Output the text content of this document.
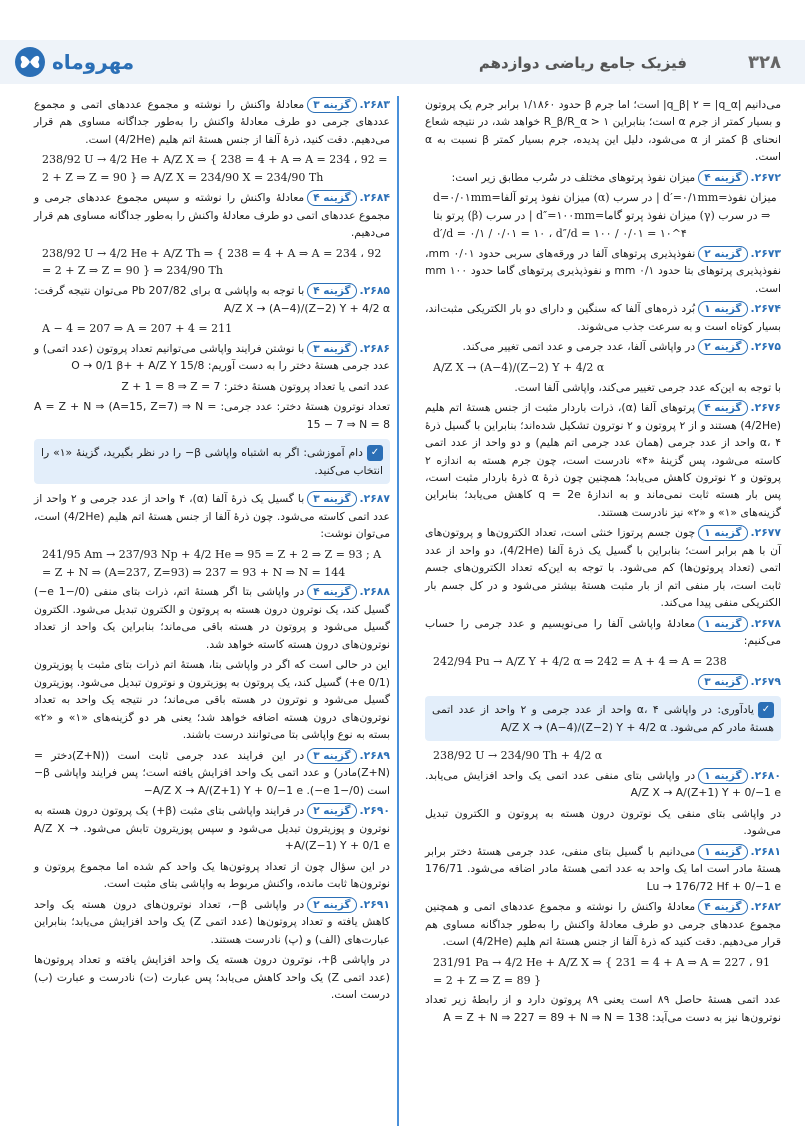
مهروماه	فیزیک جامع ریاضی دوازدهم	۳۲۸
می‌دانیم |q_β| ۲ = |q_α| است؛ اما جرم β حدود ۱/۱۸۶۰ برابر جرم یک پروتون و بسیار کمتر از جرم α است؛ بنابراین R_β/R_α > ۱ خواهد شد، در نتیجه شعاع انحنای β کمتر از α می‌شود، دلیل این پدیده، جرم بسیار کمتر β نسبت به α است.
۲۶۷۲.گزینه ۴میزان نفوذ پرتوهای مختلف در سُرب مطابق زیر است:
d=۰/۰۱mm=میزان نفوذ پرتو آلفا (α) در سرب | d′=۰/۱mm=میزان نفوذ پرتو بتا (β) در سرب | d″=۱۰۰mm=میزان نفوذ پرتو گاما (γ) در سرب ⇒ d′/d = ۰/۱ / ۰/۰۱ = ۱۰ ، d″/d = ۱۰۰ / ۰/۰۱ = ۱۰^۴
۲۶۷۳.گزینه ۲نفوذپذیری پرتوهای آلفا در ورقه‌های سربی حدود ۰/۰۱ mm، نفوذپذیری پرتوهای بتا حدود ۰/۱ mm و نفوذپذیری پرتوهای گاما حدود ۱۰۰ mm است.
۲۶۷۴.گزینه ۱بُرد ذره‌های آلفا که سنگین و دارای دو بار الکتریکی مثبت‌اند، بسیار کوتاه است و به سرعت جذب می‌شوند.
۲۶۷۵.گزینه ۲در واپاشی آلفا، عدد جرمی و عدد اتمی تغییر می‌کند.
A/Z X → (A−4)/(Z−2) Y + 4/2 α
با توجه به این‌که عدد جرمی تغییر می‌کند، واپاشی آلفا است.
۲۶۷۶.گزینه ۴پرتوهای آلفا (α)، ذرات باردار مثبت از جنس هستهٔ اتم هلیم (4/2He) هستند و از ۲ پروتون و ۲ نوترون تشکیل شده‌اند؛ بنابراین با گسیل ذرهٔ α، ۴ واحد از عدد جرمی (همان عدد جرمی اتم هلیم) و دو واحد از عدد اتمی کاسته می‌شود، پس گزینهٔ «۴» نادرست است، چون جرم هسته به اندازه ۲ پروتون و ۲ نوترون کاهش می‌یابد؛ همچنین چون ذرهٔ α ذرهٔ باردار مثبت است، پس بار هسته ثابت نمی‌ماند و به اندازهٔ q = 2e کاهش می‌یابد؛ بنابراین گزینه‌های «۱» و «۲» نیز نادرست هستند.
۲۶۷۷.گزینه ۱چون جسم پرتوزا خنثی است، تعداد الکترون‌ها و پروتون‌های آن با هم برابر است؛ بنابراین با گسیل یک ذرهٔ آلفا (4/2He)، دو واحد از عدد اتمی (تعداد پروتون‌ها) کم می‌شود. با توجه به این‌که تعداد الکترون‌های جسم ثابت است، بار منفی اتم از بار مثبت هستهٔ بیشتر می‌شود و در کل جسم بار الکتریکی منفی پیدا می‌کند.
۲۶۷۸.گزینه ۱معادلهٔ واپاشی آلفا را می‌نویسیم و عدد جرمی را حساب می‌کنیم:
242/94 Pu → A/Z Y + 4/2 α ⇒ 242 = A + 4 ⇒ A = 238
۲۶۷۹.گزینه ۳
✓یادآوری: در واپاشی α، ۴ واحد از عدد جرمی و ۲ واحد از عدد اتمی هستهٔ مادر کم می‌شود. A/Z X → (A−4)/(Z−2) Y + 4/2 α
238/92 U → 234/90 Th + 4/2 α
۲۶۸۰.گزینه ۱در واپاشی بتای منفی عدد اتمی یک واحد افزایش می‌یابد. A/Z X → A/(Z+1) Y + 0/−1 e
در واپاشی بتای منفی یک نوترون درون هسته به پروتون و الکترون تبدیل می‌شود.
۲۶۸۱.گزینه ۱می‌دانیم با گسیل بتای منفی، عدد جرمی هستهٔ دختر برابر هستهٔ مادر است اما یک واحد به عدد اتمی هستهٔ مادر اضافه می‌شود. 176/71 Lu → 176/72 Hf + 0/−1 e
۲۶۸۲.گزینه ۴معادلهٔ واکنش را نوشته و مجموع عددهای اتمی و همچنین مجموع عددهای جرمی دو طرف معادلهٔ واکنش را به‌طور جداگانه مساوی هم قرار می‌دهیم. دقت کنید که ذرهٔ آلفا از جنس هستهٔ اتم هلیم (4/2He) است.
231/91 Pa → 4/2 He + A/Z X ⇒ { 231 = 4 + A ⇒ A = 227 ، 91 = 2 + Z ⇒ Z = 89 }
عدد اتمی هستهٔ حاصل ۸۹ است یعنی ۸۹ پروتون دارد و از رابطهٔ زیر تعداد نوترون‌ها نیز به دست می‌آید: A = Z + N ⇒ 227 = 89 + N ⇒ N = 138
۲۶۸۳.گزینه ۳معادلهٔ واکنش را نوشته و مجموع عددهای اتمی و مجموع عددهای جرمی دو طرف معادلهٔ واکنش را به‌طور جداگانه مساوی هم قرار می‌دهیم. دقت کنید، ذرهٔ آلفا از جنس هستهٔ اتم هلیم (4/2He) است.
238/92 U → 4/2 He + A/Z X ⇒ { 238 = 4 + A ⇒ A = 234 ، 92 = 2 + Z ⇒ Z = 90 } ⇒ A/Z X = 234/90 X = 234/90 Th
۲۶۸۴.گزینه ۴معادلهٔ واکنش را نوشته و سپس مجموع عددهای جرمی و مجموع عددهای اتمی دو طرف معادلهٔ واکنش را به‌طور جداگانه مساوی هم قرار می‌دهیم.
238/92 U → 4/2 He + A/Z Th ⇒ { 238 = 4 + A ⇒ A = 234 ، 92 = 2 + Z ⇒ Z = 90 } ⇒ 234/90 Th
۲۶۸۵.گزینه ۴با توجه به واپاشی α برای 207/82 Pb می‌توان نتیجه گرفت: A/Z X → (A−4)/(Z−2) Y + 4/2 α
A − 4 = 207 ⇒ A = 207 + 4 = 211
۲۶۸۶.گزینه ۳با نوشتن فرایند واپاشی می‌توانیم تعداد پروتون (عدد اتمی) و عدد جرمی هستهٔ دختر را به دست آوریم: 15/8 O → 0/1 β+ + A/Z Y
عدد اتمی یا تعداد پروتون هستهٔ دختر: Z + 1 = 8 ⇒ Z = 7
تعداد نوترون هستهٔ دختر: عدد جرمی: A = Z + N ⇒ (A=15, Z=7) ⇒ N = 15 − 7 ⇒ N = 8
✓دام آموزشی: اگر به اشتباه واپاشی β− را در نظر بگیرید، گزینهٔ «۱» را انتخاب می‌کنید.
۲۶۸۷.گزینه ۳با گسیل یک ذرهٔ آلفا (α)، ۴ واحد از عدد جرمی و ۲ واحد از عدد اتمی کاسته می‌شود. چون ذرهٔ آلفا از جنس هستهٔ اتم هلیم (4/2He) است، می‌توان نوشت:
241/95 Am → 237/93 Np + 4/2 He ⇒ 95 = Z + 2 ⇒ Z = 93 ; A = Z + N ⇒ (A=237, Z=93) ⇒ 237 = 93 + N ⇒ N = 144
۲۶۸۸.گزینه ۴در واپاشی بتا اگر هستهٔ اتم، ذرات بتای منفی (0/−1 e−) گسیل کند، یک نوترون درون هسته به پروتون و الکترون تبدیل می‌شود. الکترون گسیل می‌شود و پروتون در هسته باقی می‌ماند؛ بنابراین یک واحد از تعداد نوترون‌های درون هسته کاسته خواهد شد.
این در حالی است که اگر در واپاشی بتا، هستهٔ اتم ذرات بتای مثبت یا پوزیترون (0/1 e+) گسیل کند، یک پروتون به پوزیترون و نوترون تبدیل می‌شود. پوزیترون گسیل می‌شود و نوترون در هسته باقی می‌ماند؛ در نتیجه یک واحد به تعداد نوترون‌های درون هسته اضافه خواهد شد؛ یعنی هر دو گزینه‌های «۱» و «۲» بسته به نوع واپاشی بتا می‌توانند درست باشند.
۲۶۸۹.گزینه ۳در این فرایند عدد جرمی ثابت است ((Z+N)دختر = (Z+N)مادر) و عدد اتمی یک واحد افزایش یافته است؛ پس فرایند واپاشی β− است (0/−1 e−). A/Z X → A/(Z+1) Y + 0/−1 e−
۲۶۹۰.گزینه ۲در فرایند واپاشی بتای مثبت (β+) یک پروتون درون هسته به نوترون و پوزیترون تبدیل می‌شود و سپس پوزیترون تابش می‌شود. A/Z X → A/(Z−1) Y + 0/1 e+
در این سؤال چون از تعداد پروتون‌ها یک واحد کم شده اما مجموع پروتون و نوترون‌ها ثابت مانده، واکنش مربوط به واپاشی بتای مثبت است.
۲۶۹۱.گزینه ۲در واپاشی β−، تعداد نوترون‌های درون هسته یک واحد کاهش یافته و تعداد پروتون‌ها (عدد اتمی Z) یک واحد افزایش می‌یابد؛ بنابراین عبارت‌های (الف) و (پ) نادرست هستند.
در واپاشی β+، نوترون درون هسته یک واحد افزایش یافته و تعداد پروتون‌ها (عدد اتمی Z) یک واحد کاهش می‌یابد؛ پس عبارت (ت) نادرست و عبارت (ب) درست است.
